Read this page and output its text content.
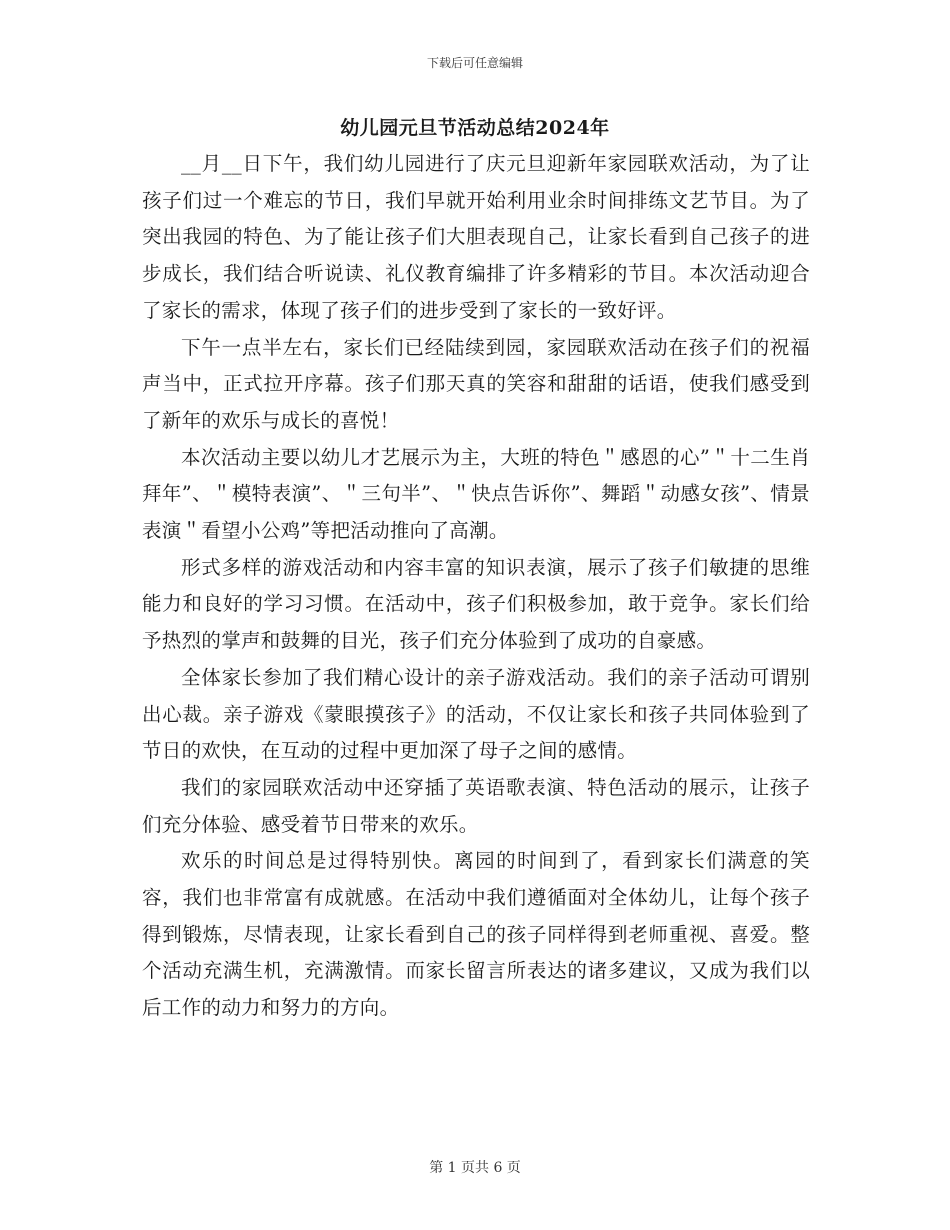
下载后可任意编辑
幼儿园元旦节活动总结2024年

__月__日下午，我们幼儿园进行了庆元旦迎新年家园联欢活动，为了让孩子们过一个难忘的节日，我们早就开始利用业余时间排练文艺节目。为了突出我园的特色、为了能让孩子们大胆表现自己，让家长看到自己孩子的进步成长，我们结合听说读、礼仪教育编排了许多精彩的节目。本次活动迎合了家长的需求，体现了孩子们的进步受到了家长的一致好评。

下午一点半左右，家长们已经陆续到园，家园联欢活动在孩子们的祝福声当中，正式拉开序幕。孩子们那天真的笑容和甜甜的话语，使我们感受到了新年的欢乐与成长的喜悦！

本次活动主要以幼儿才艺展示为主，大班的特色＂感恩的心”＂十二生肖拜年”、＂模特表演”、＂三句半”、＂快点告诉你”、舞蹈＂动感女孩”、情景表演＂看望小公鸡”等把活动推向了高潮。

形式多样的游戏活动和内容丰富的知识表演，展示了孩子们敏捷的思维能力和良好的学习习惯。在活动中，孩子们积极参加，敢于竞争。家长们给予热烈的掌声和鼓舞的目光，孩子们充分体验到了成功的自豪感。

全体家长参加了我们精心设计的亲子游戏活动。我们的亲子活动可谓别出心裁。亲子游戏《蒙眼摸孩子》的活动，不仅让家长和孩子共同体验到了节日的欢快，在互动的过程中更加深了母子之间的感情。

我们的家园联欢活动中还穿插了英语歌表演、特色活动的展示，让孩子们充分体验、感受着节日带来的欢乐。

欢乐的时间总是过得特别快。离园的时间到了，看到家长们满意的笑容，我们也非常富有成就感。在活动中我们遵循面对全体幼儿，让每个孩子得到锻炼，尽情表现，让家长看到自己的孩子同样得到老师重视、喜爱。整个活动充满生机，充满激情。而家长留言所表达的诸多建议，又成为我们以后工作的动力和努力的方向。

第 1 页共 6 页
